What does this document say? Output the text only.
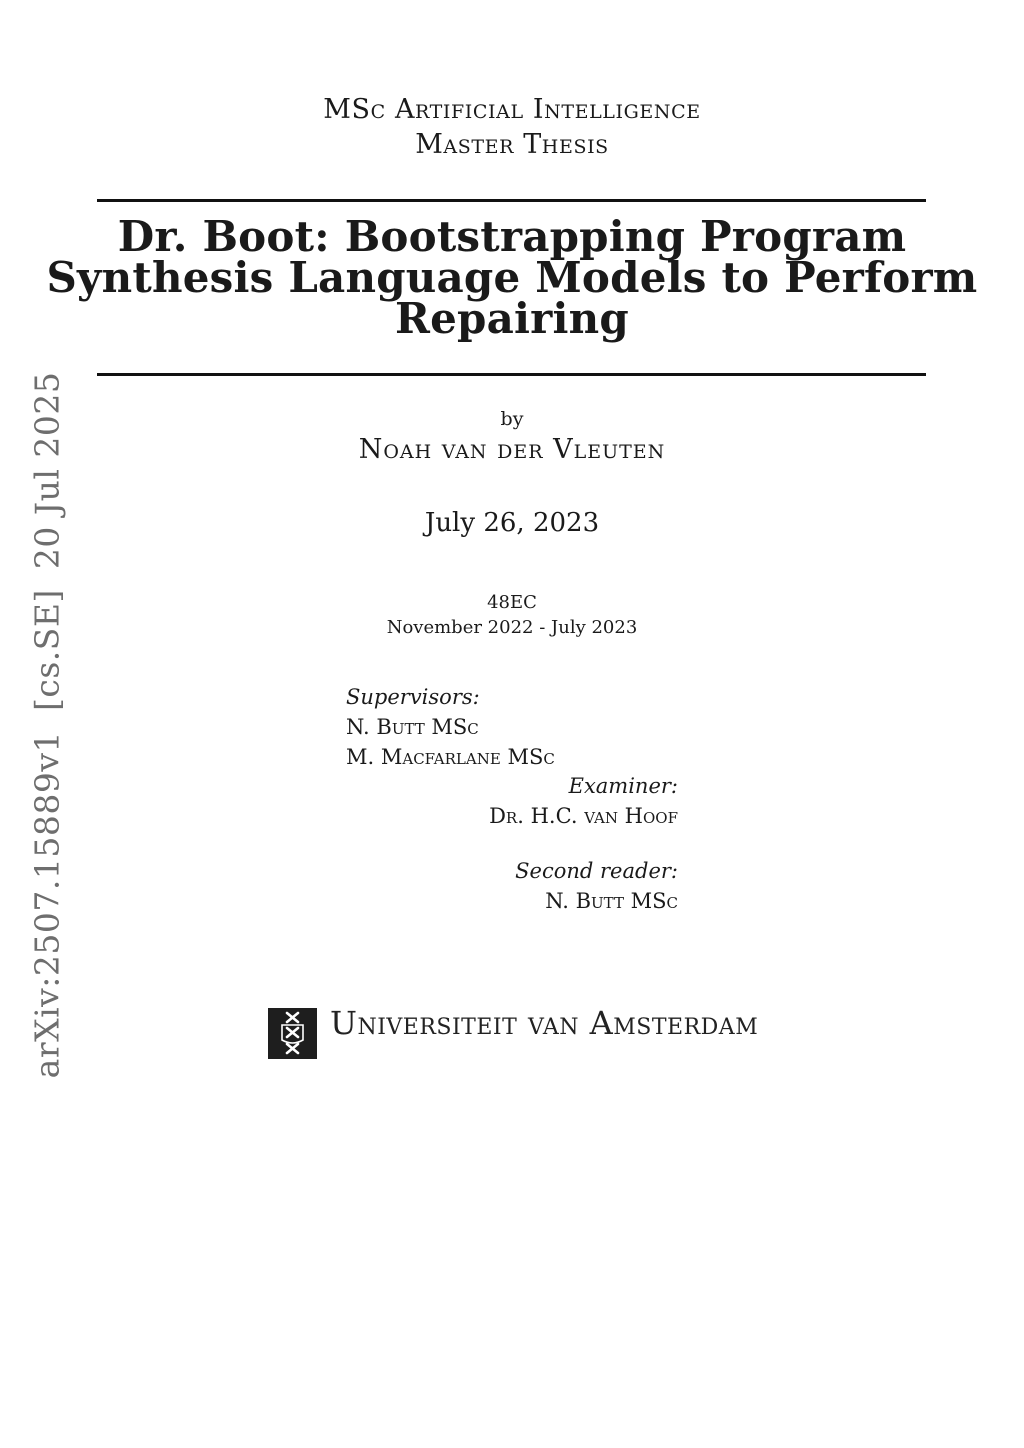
arXiv:2507.15889v1[cs.SE]20 Jul 2025
MSc Artificial Intelligence
Master Thesis
Dr. Boot: Bootstrapping Program
Synthesis Language Models to Perform
Repairing
by
Noah van der Vleuten
July 26, 2023
48EC
November 2022 - July 2023
Supervisors:
N. Butt MSc
M. Macfarlane MSc
Examiner:
Dr. H.C. van Hoof
Second reader:
N. Butt MSc
Universiteit van Amsterdam
